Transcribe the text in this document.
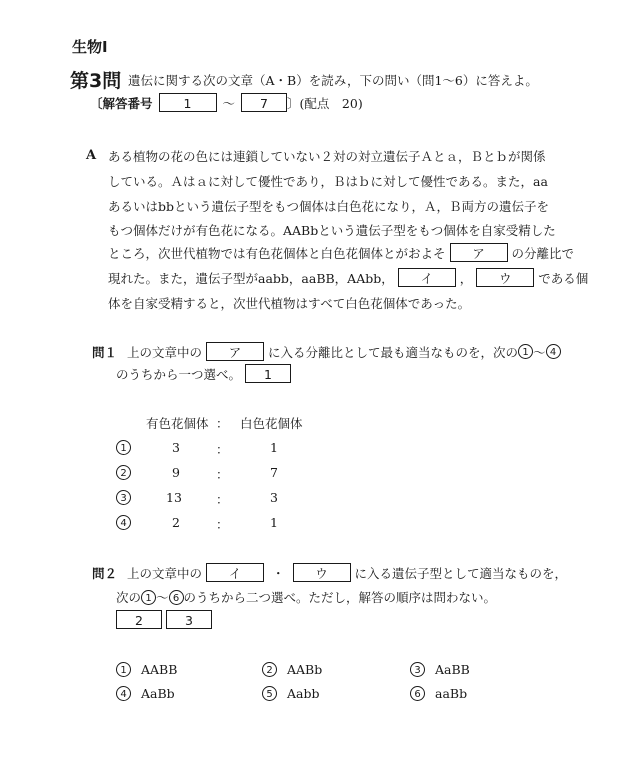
生物Ⅰ
第3問 遺伝に関する次の文章（A・B）を読み，下の問い（問1～6）に答えよ。
〔解答番号	1	～	7	〕(配点　20)
A ある植物の花の色には連鎖していない２対の対立遺伝子Ａとａ，Ｂとｂが関係
している。Ａはａに対して優性であり，Ｂはｂに対して優性である。また，aa
あるいはbbという遺伝子型をもつ個体は白色花になり，Ａ，Ｂ両方の遺伝子を
もつ個体だけが有色花になる。AABbという遺伝子型をもつ個体を自家受精した
ところ，次世代植物では有色花個体と白色花個体とがおよそ	ア	の分離比で
現れた。また，遺伝子型がaabb，aaBB，AAbb，	イ	，	ウ	である個
体を自家受精すると，次世代植物はすべて白色花個体であった。
問１ 上の文章中の	ア	に入る分離比として最も適当なものを，次の 1 ～ 4
のうちから一つ選べ。	1
有色花個体 ： 白色花個体
1	3	：	1
2	9	：	7
3	13	：	3
4	2	：	1
問２ 上の文章中の	イ	・	ウ	に入る遺伝子型として適当なものを，
次の 1 ～ 6 のうちから二つ選べ。ただし，解答の順序は問わない。
2	3
1	AABB	2	AABb	3	AaBB
4	AaBb	5	Aabb	6	aaBb
